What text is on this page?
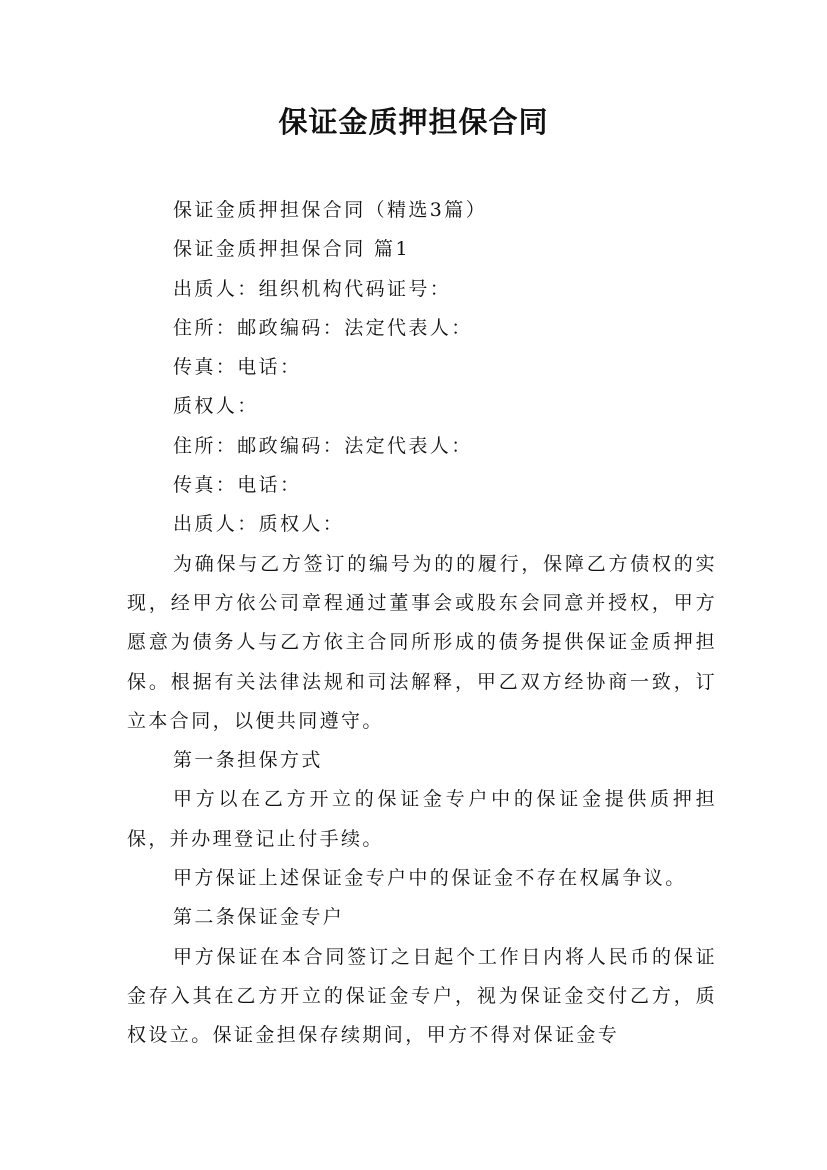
保证金质押担保合同

保证金质押担保合同（精选3篇）

保证金质押担保合同 篇1

出质人：组织机构代码证号：

住所：邮政编码：法定代表人：

传真：电话：

质权人：

住所：邮政编码：法定代表人：

传真：电话：

出质人：质权人：

为确保与乙方签订的编号为的的履行，保障乙方债权的实现，经甲方依公司章程通过董事会或股东会同意并授权，甲方愿意为债务人与乙方依主合同所形成的债务提供保证金质押担保。根据有关法律法规和司法解释，甲乙双方经协商一致，订立本合同，以便共同遵守。

第一条担保方式

甲方以在乙方开立的保证金专户中的保证金提供质押担保，并办理登记止付手续。

甲方保证上述保证金专户中的保证金不存在权属争议。

第二条保证金专户

甲方保证在本合同签订之日起个工作日内将人民币的保证金存入其在乙方开立的保证金专户，视为保证金交付乙方，质权设立。保证金担保存续期间，甲方不得对保证金专
